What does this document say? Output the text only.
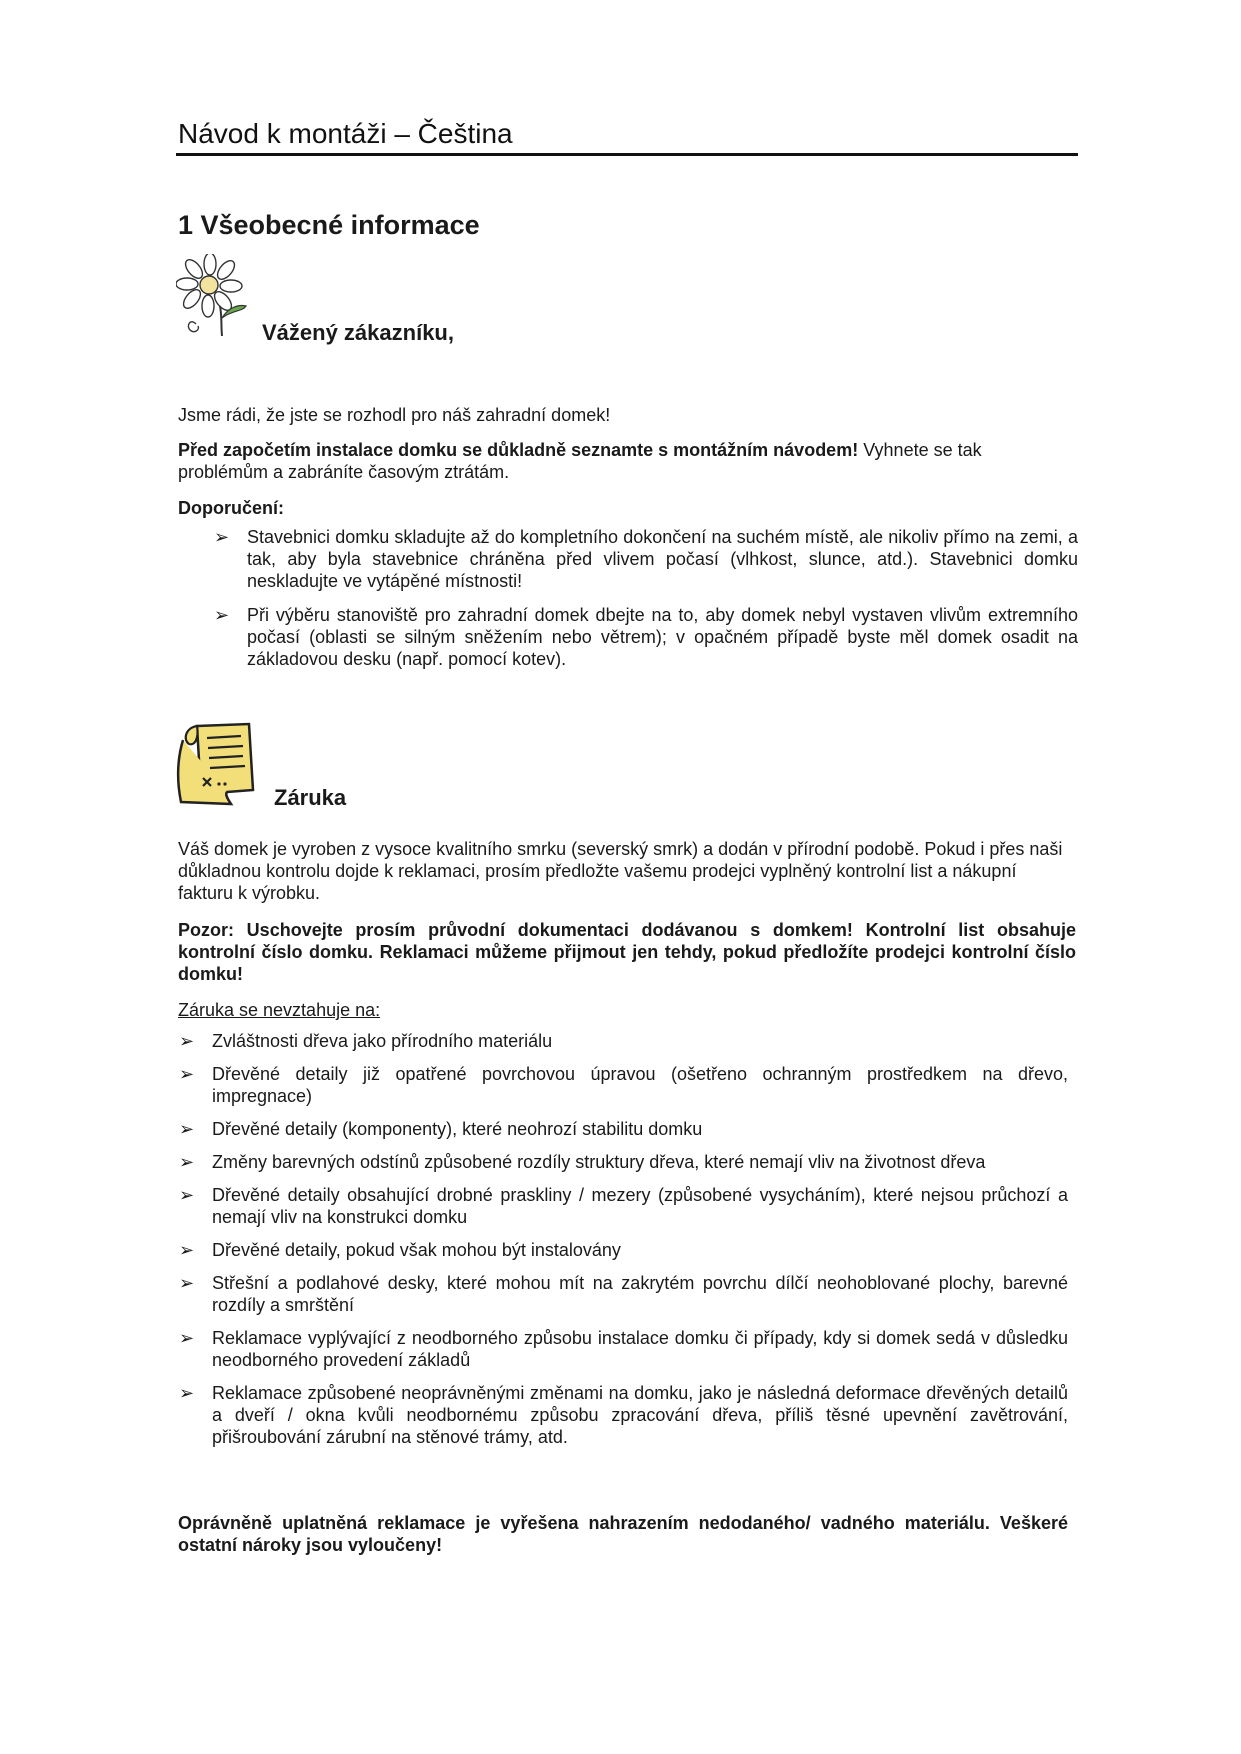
Návod k montáži – Čeština
1 Všeobecné informace
Vážený zákazníku,
Jsme rádi, že jste se rozhodl pro náš zahradní domek!
Před započetím instalace domku se důkladně seznamte s montážním návodem! Vyhnete se tak problémům a zabráníte časovým ztrátám.
Doporučení:
➢ Stavebnici domku skladujte až do kompletního dokončení na suchém místě, ale nikoliv přímo na zemi, a tak, aby byla stavebnice chráněna před vlivem počasí (vlhkost, slunce, atd.). Stavebnici domku neskladujte ve vytápěné místnosti!
➢ Při výběru stanoviště pro zahradní domek dbejte na to, aby domek nebyl vystaven vlivům extremního počasí (oblasti se silným sněžením nebo větrem); v opačném případě byste měl domek osadit na základovou desku (např. pomocí kotev).
Záruka
Váš domek je vyroben z vysoce kvalitního smrku (severský smrk) a dodán v přírodní podobě. Pokud i přes naši důkladnou kontrolu dojde k reklamaci, prosím předložte vašemu prodejci vyplněný kontrolní list a nákupní fakturu k výrobku.
Pozor: Uschovejte prosím průvodní dokumentaci dodávanou s domkem! Kontrolní list obsahuje kontrolní číslo domku. Reklamaci můžeme přijmout jen tehdy, pokud předložíte prodejci kontrolní číslo domku!
Záruka se nevztahuje na:
➢ Zvláštnosti dřeva jako přírodního materiálu
➢ Dřevěné detaily již opatřené povrchovou úpravou (ošetřeno ochranným prostředkem na dřevo, impregnace)
➢ Dřevěné detaily (komponenty), které neohrozí stabilitu domku
➢ Změny barevných odstínů způsobené rozdíly struktury dřeva, které nemají vliv na životnost dřeva
➢ Dřevěné detaily obsahující drobné praskliny / mezery (způsobené vysycháním), které nejsou průchozí a nemají vliv na konstrukci domku
➢ Dřevěné detaily, pokud však mohou být instalovány
➢ Střešní a podlahové desky, které mohou mít na zakrytém povrchu dílčí neohoblované plochy, barevné rozdíly a smrštění
➢ Reklamace vyplývající z neodborného způsobu instalace domku či případy, kdy si domek sedá v důsledku neodborného provedení základů
➢ Reklamace způsobené neoprávněnými změnami na domku, jako je následná deformace dřevěných detailů a dveří / okna kvůli neodbornému způsobu zpracování dřeva, příliš těsné upevnění zavětrování, přišroubování zárubní na stěnové trámy, atd.
Oprávněně uplatněná reklamace je vyřešena nahrazením nedodaného/ vadného materiálu. Veškeré ostatní nároky jsou vyloučeny!
